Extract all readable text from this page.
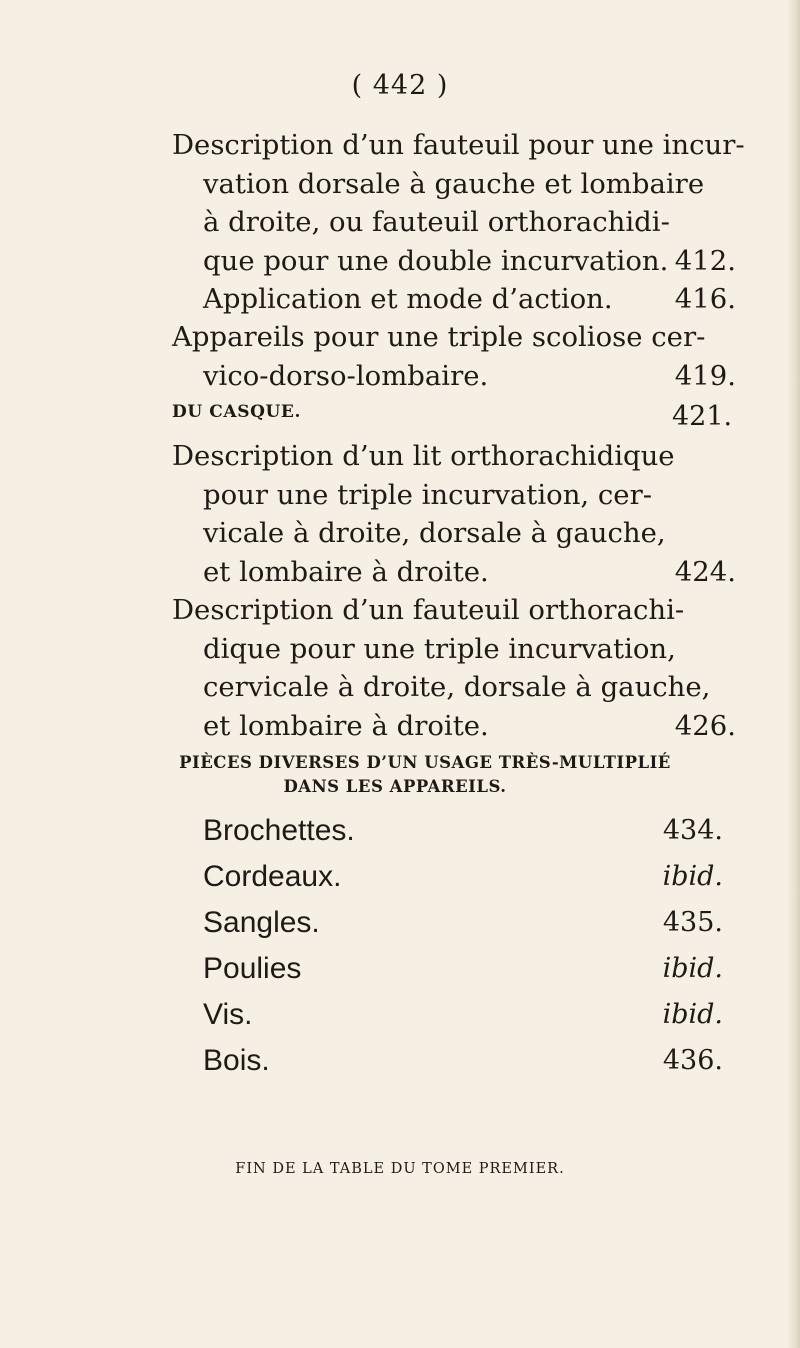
( 442 )
Description d’un fauteuil pour une incur-
vation dorsale à gauche et lombaire
à droite, ou fauteuil orthorachidi-
que pour une double incurvation. 412.
Application et mode d’action.	416.
Appareils pour une triple scoliose cer-
vico-dorso-lombaire.	419.
DU CASQUE.	421.
Description d’un lit orthorachidique
pour une triple incurvation, cer-
vicale à droite, dorsale à gauche,
et lombaire à droite.	424.
Description d’un fauteuil orthorachi-
dique pour une triple incurvation,
cervicale à droite, dorsale à gauche,
et lombaire à droite.	426.
PIÈCES DIVERSES D’UN USAGE TRÈS-MULTIPLIÉ
DANS LES APPAREILS.
Brochettes.	434.
Cordeaux.	ibid.
Sangles.	435.
Poulies	ibid.
Vis.	ibid.
Bois.	436.
FIN DE LA TABLE DU TOME PREMIER.
